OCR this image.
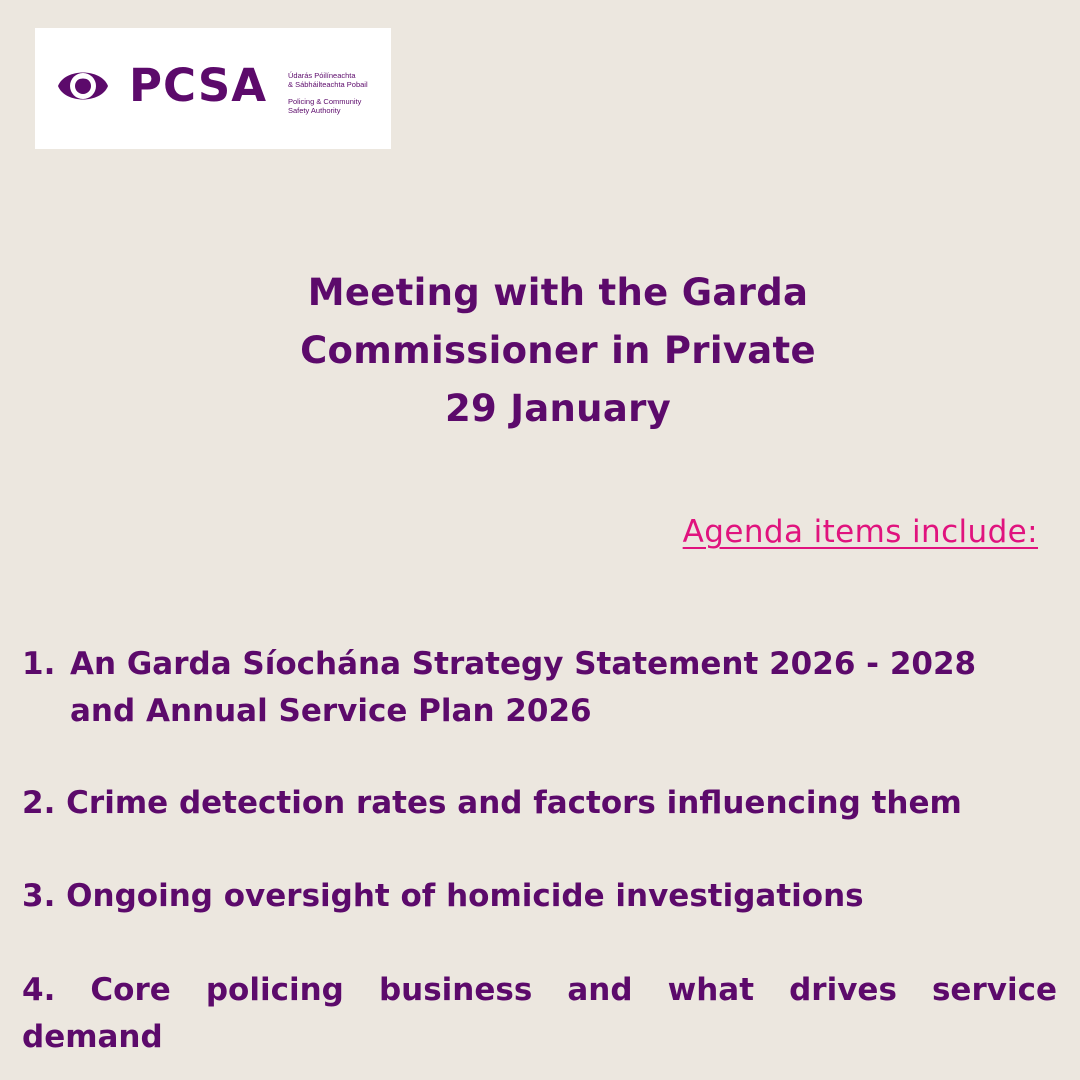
PCSA	Údarás Póilíneachta
& Sábháilteachta Pobail
Policing & Community
Safety Authority
Meeting with the Garda
Commissioner in Private
29 January
Agenda items include:
1. An Garda Síochána Strategy Statement 2026 - 2028
and Annual Service Plan 2026
2. Crime detection rates and factors influencing them
3. Ongoing oversight of homicide investigations
4. Core policing business and what drives service
demand
